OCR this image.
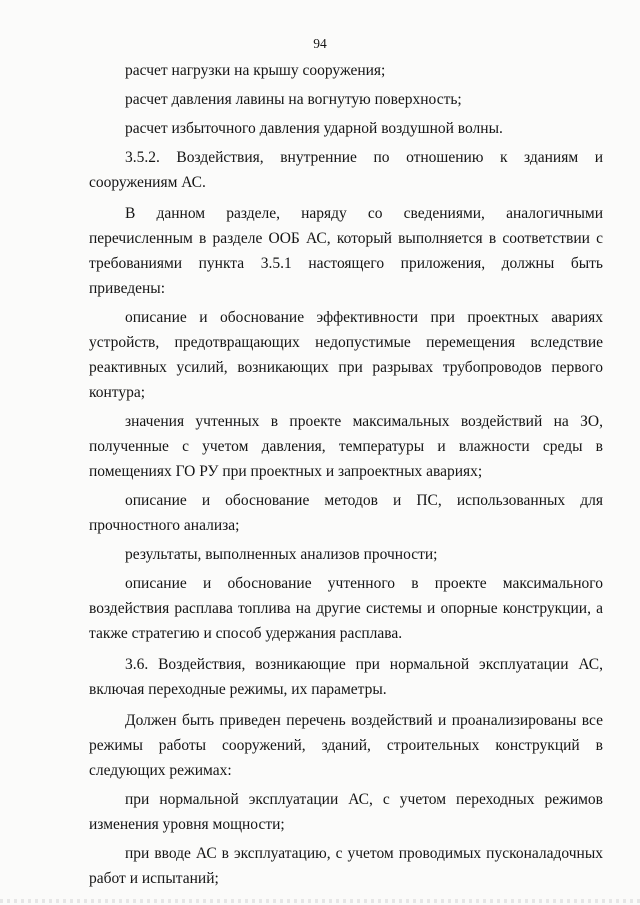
94

расчет нагрузки на крышу сооружения;

расчет давления лавины на вогнутую поверхность;

расчет избыточного давления ударной воздушной волны.

3.5.2. Воздействия, внутренние по отношению к зданиям и сооружениям АС.

В данном разделе, наряду со сведениями, аналогичными перечисленным в разделе ООБ АС, который выполняется в соответствии с требованиями пункта 3.5.1 настоящего приложения, должны быть приведены:

описание и обоснование эффективности при проектных авариях устройств, предотвращающих недопустимые перемещения вследствие реактивных усилий, возникающих при разрывах трубопроводов первого контура;

значения учтенных в проекте максимальных воздействий на ЗО, полученные с учетом давления, температуры и влажности среды в помещениях ГО РУ при проектных и запроектных авариях;

описание и обоснование методов и ПС, использованных для прочностного анализа;

результаты, выполненных анализов прочности;

описание и обоснование учтенного в проекте максимального воздействия расплава топлива на другие системы и опорные конструкции, а также стратегию и способ удержания расплава.

3.6. Воздействия, возникающие при нормальной эксплуатации АС, включая переходные режимы, их параметры.

Должен быть приведен перечень воздействий и проанализированы все режимы работы сооружений, зданий, строительных конструкций в следующих режимах:

при нормальной эксплуатации АС, с учетом переходных режимов изменения уровня мощности;

при вводе АС в эксплуатацию, с учетом проводимых пусконаладочных работ и испытаний;
